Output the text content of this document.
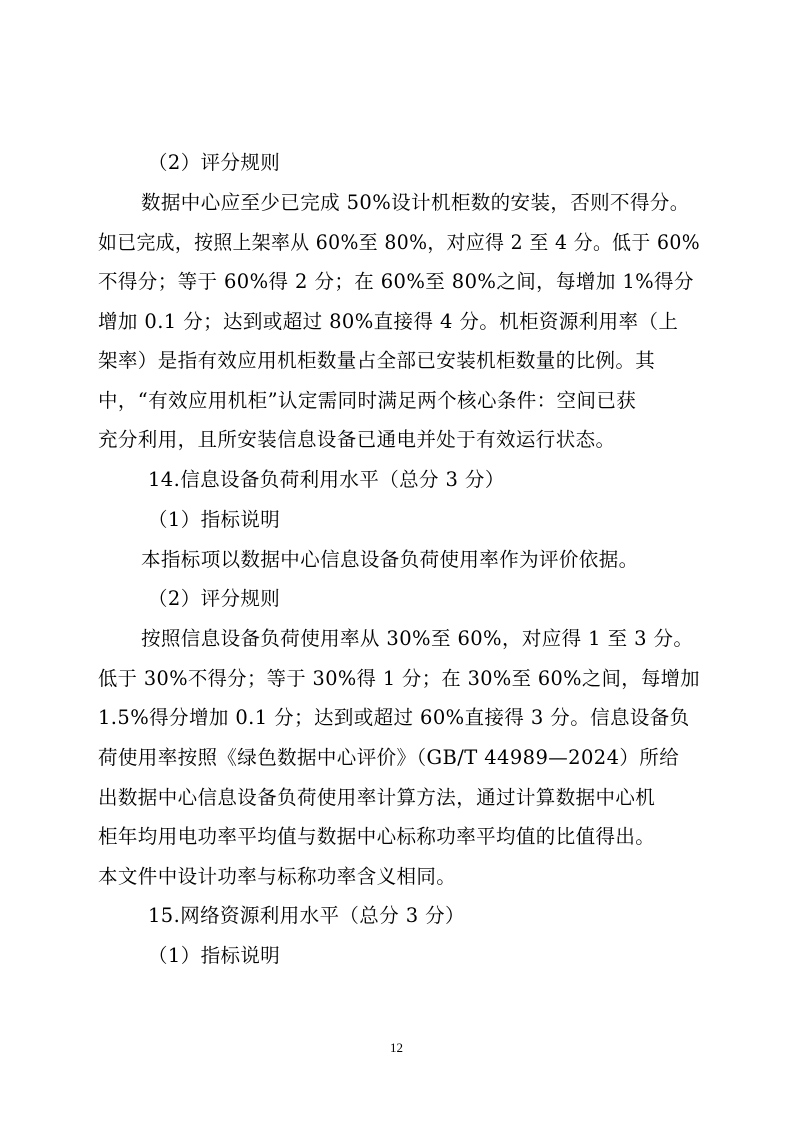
（2）评分规则
数据中心应至少已完成 50%设计机柜数的安装，否则不得分。
如已完成，按照上架率从 60%至 80%，对应得 2 至 4 分。低于 60%
不得分；等于 60%得 2 分；在 60%至 80%之间，每增加 1%得分
增加 0.1 分；达到或超过 80%直接得 4 分。机柜资源利用率（上
架率）是指有效应用机柜数量占全部已安装机柜数量的比例。其
中，“有效应用机柜”认定需同时满足两个核心条件：空间已获
充分利用，且所安装信息设备已通电并处于有效运行状态。
14.信息设备负荷利用水平（总分 3 分）
（1）指标说明
本指标项以数据中心信息设备负荷使用率作为评价依据。
（2）评分规则
按照信息设备负荷使用率从 30%至 60%，对应得 1 至 3 分。
低于 30%不得分；等于 30%得 1 分；在 30%至 60%之间，每增加
1.5%得分增加 0.1 分；达到或超过 60%直接得 3 分。信息设备负
荷使用率按照《绿色数据中心评价》（GB/T 44989—2024）所给
出数据中心信息设备负荷使用率计算方法，通过计算数据中心机
柜年均用电功率平均值与数据中心标称功率平均值的比值得出。
本文件中设计功率与标称功率含义相同。
15.网络资源利用水平（总分 3 分）
（1）指标说明
12
